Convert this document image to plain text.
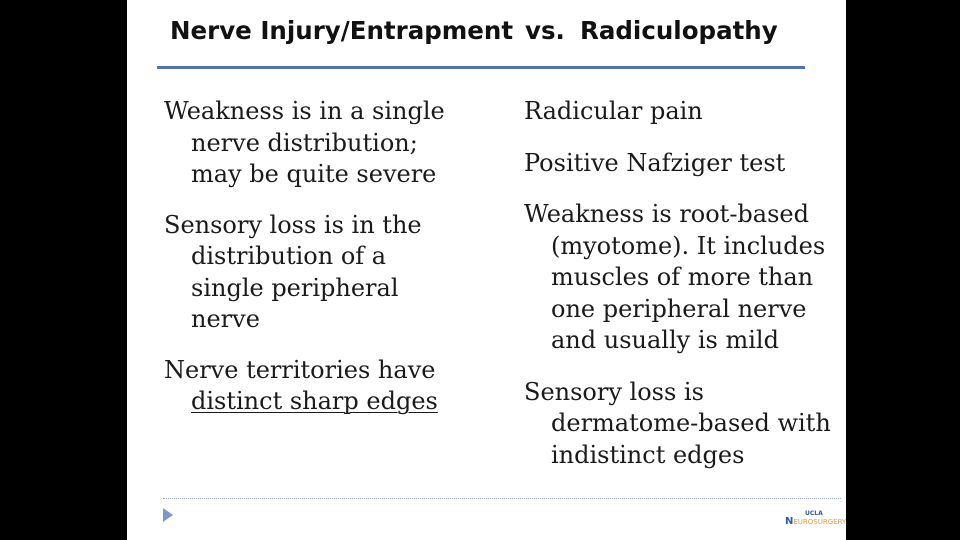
Nerve Injury/Entrapment

vs.

Radiculopathy

Weakness is in a single nerve distribution; may be quite severe
Sensory loss is in the distribution of a single peripheral nerve
Nerve territories have distinct sharp edges
Radicular pain
Positive Nafziger test
Weakness is root-based (myotome). It includes muscles of more than one peripheral nerve and usually is mild
Sensory loss is dermatome-based with indistinct edges
UCLA
NEUROSURGERY
